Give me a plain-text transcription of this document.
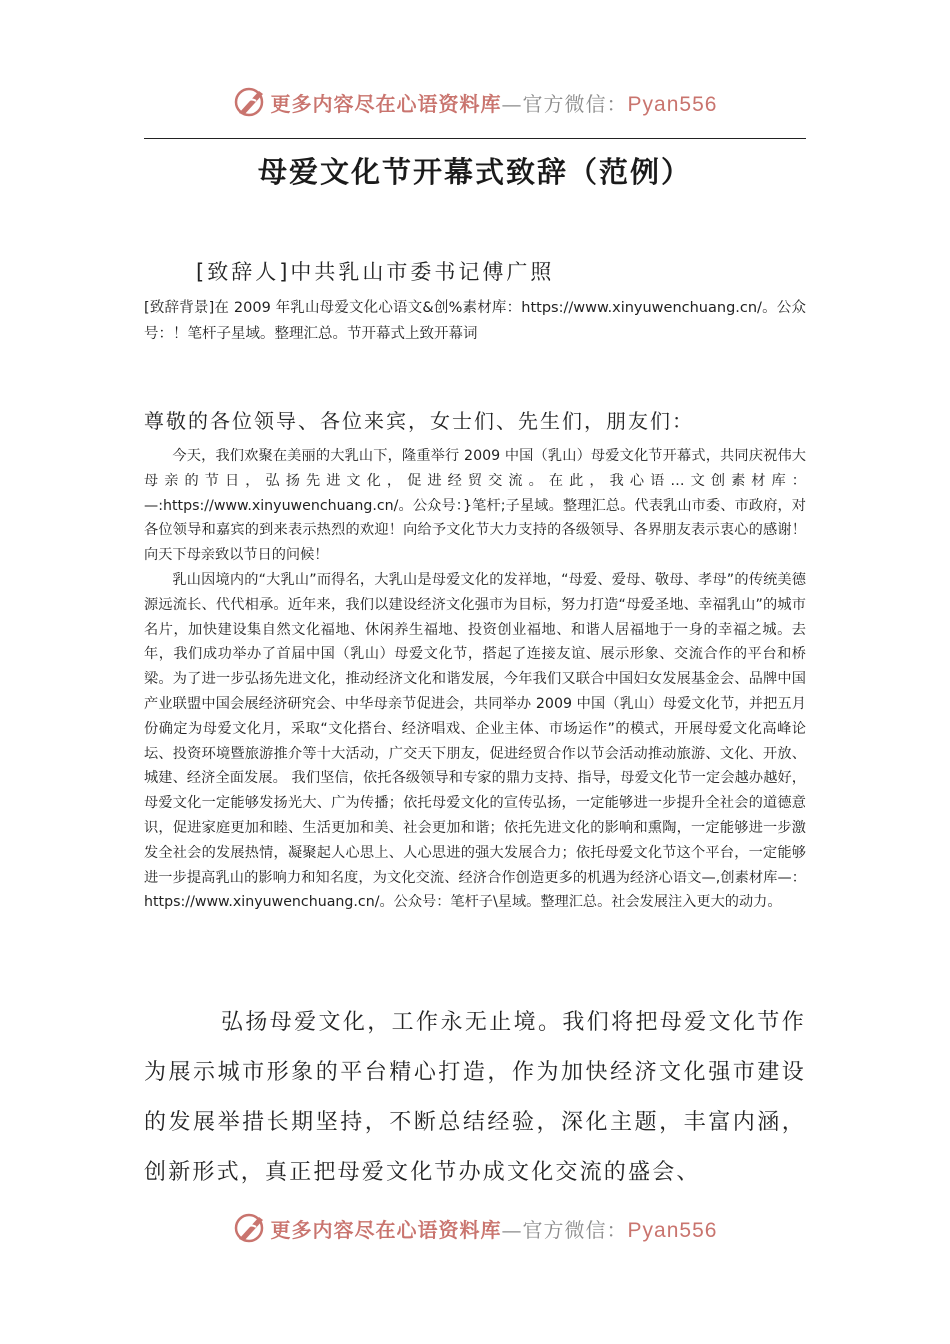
更多内容尽在心语资料库—官方微信：Pyan556
母爱文化节开幕式致辞（范例）
[致辞人]中共乳山市委书记傅广照
[致辞背景]在 2009 年乳山母爱文化心语文&创%素材库：https://www.xinyuwenchuang.cn/。公众号：！笔杆子星域。整理汇总。节开幕式上致开幕词
尊敬的各位领导、各位来宾，女士们、先生们，朋友们：

今天，我们欢聚在美丽的大乳山下，隆重举行 2009 中国（乳山）母爱文化节开幕式，共同庆祝伟大母亲的节日，弘扬先进文化，促进经贸交流。在此，我心语…文创素材库：—:https://www.xinyuwenchuang.cn/。公众号：}笔杆;子星域。整理汇总。代表乳山市委、市政府，对各位领导和嘉宾的到来表示热烈的欢迎！向给予文化节大力支持的各级领导、各界朋友表示衷心的感谢！向天下母亲致以节日的问候！

乳山因境内的“大乳山”而得名，大乳山是母爱文化的发祥地，“母爱、爱母、敬母、孝母”的传统美德源远流长、代代相承。近年来，我们以建设经济文化强市为目标，努力打造“母爱圣地、幸福乳山”的城市名片，加快建设集自然文化福地、休闲养生福地、投资创业福地、和谐人居福地于一身的幸福之城。去年，我们成功举办了首届中国（乳山）母爱文化节，搭起了连接友谊、展示形象、交流合作的平台和桥梁。为了进一步弘扬先进文化，推动经济文化和谐发展，今年我们又联合中国妇女发展基金会、品牌中国产业联盟中国会展经济研究会、中华母亲节促进会，共同举办 2009 中国（乳山）母爱文化节，并把五月份确定为母爱文化月，采取“文化搭台、经济唱戏、企业主体、市场运作”的模式，开展母爱文化高峰论坛、投资环境暨旅游推介等十大活动，广交天下朋友，促进经贸合作以节会活动推动旅游、文化、开放、城建、经济全面发展。 我们坚信，依托各级领导和专家的鼎力支持、指导，母爱文化节一定会越办越好，母爱文化一定能够发扬光大、广为传播；依托母爱文化的宣传弘扬，一定能够进一步提升全社会的道德意识，促进家庭更加和睦、生活更加和美、社会更加和谐；依托先进文化的影响和熏陶，一定能够进一步激发全社会的发展热情，凝聚起人心思上、人心思进的强大发展合力；依托母爱文化节这个平台，一定能够进一步提高乳山的影响力和知名度，为文化交流、经济合作创造更多的机遇为经济心语文—,创素材库—：https://www.xinyuwenchuang.cn/。公众号：笔杆子\星域。整理汇总。社会发展注入更大的动力。

弘扬母爱文化，工作永无止境。我们将把母爱文化节作为展示城市形象的平台精心打造，作为加快经济文化强市建设的发展举措长期坚持，不断总结经验，深化主题，丰富内涵，创新形式，真正把母爱文化节办成文化交流的盛会、

更多内容尽在心语资料库—官方微信：Pyan556
